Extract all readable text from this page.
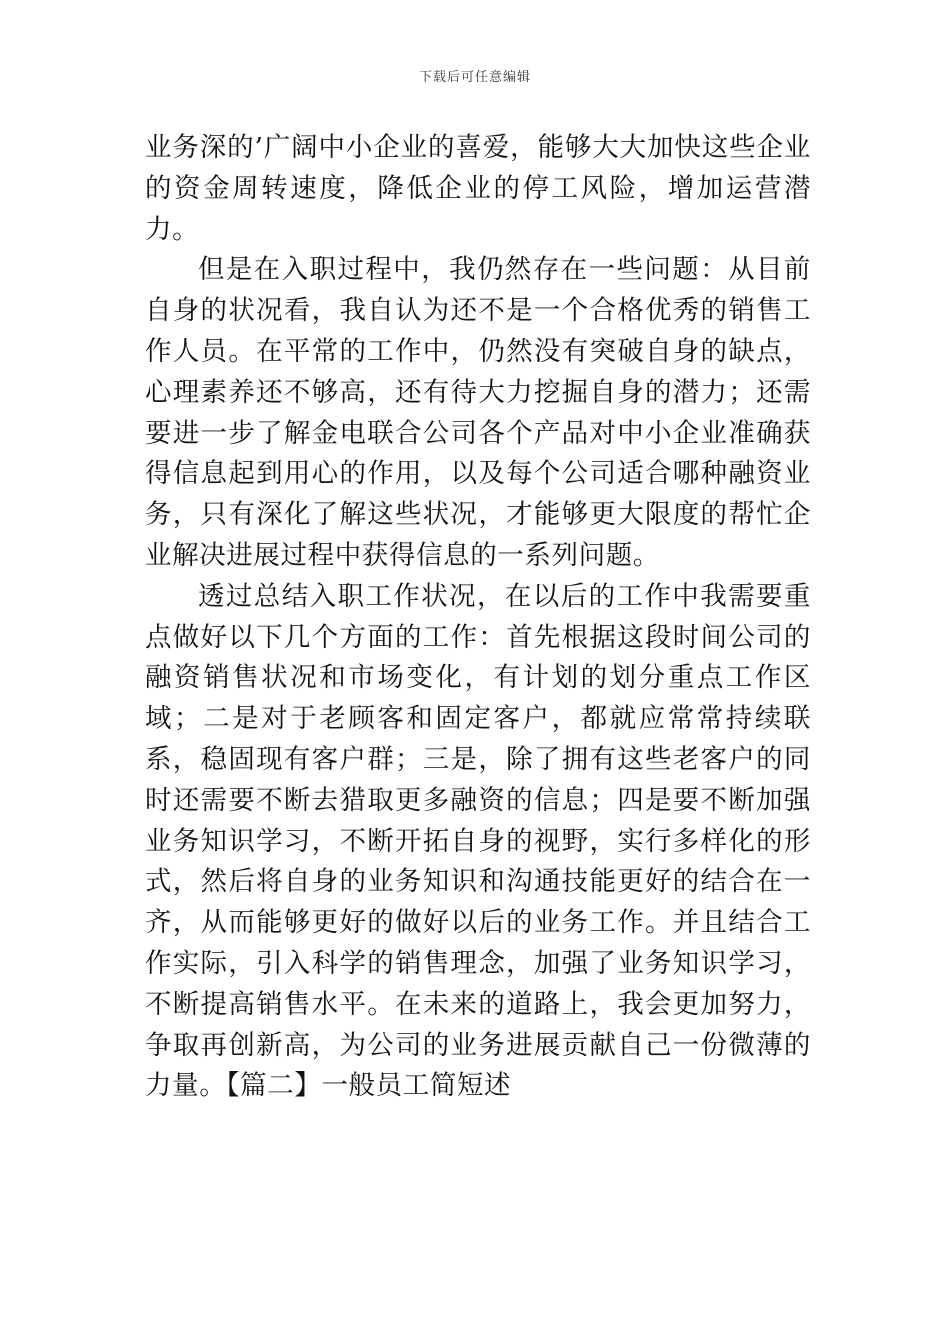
下载后可任意编辑

业务深的’广阔中小企业的喜爱，能够大大加快这些企业的资金周转速度，降低企业的停工风险，增加运营潜力。

但是在入职过程中，我仍然存在一些问题：从目前自身的状况看，我自认为还不是一个合格优秀的销售工作人员。在平常的工作中，仍然没有突破自身的缺点，心理素养还不够高，还有待大力挖掘自身的潜力；还需要进一步了解金电联合公司各个产品对中小企业准确获得信息起到用心的作用，以及每个公司适合哪种融资业务，只有深化了解这些状况，才能够更大限度的帮忙企业解决进展过程中获得信息的一系列问题。

透过总结入职工作状况，在以后的工作中我需要重点做好以下几个方面的工作：首先根据这段时间公司的融资销售状况和市场变化，有计划的划分重点工作区域；二是对于老顾客和固定客户，都就应常常持续联系，稳固现有客户群；三是，除了拥有这些老客户的同时还需要不断去猎取更多融资的信息；四是要不断加强业务知识学习，不断开拓自身的视野，实行多样化的形式，然后将自身的业务知识和沟通技能更好的结合在一齐，从而能够更好的做好以后的业务工作。并且结合工作实际，引入科学的销售理念，加强了业务知识学习，不断提高销售水平。在未来的道路上，我会更加努力，争取再创新高，为公司的业务进展贡献自己一份微薄的力量。【篇二】一般员工简短述
